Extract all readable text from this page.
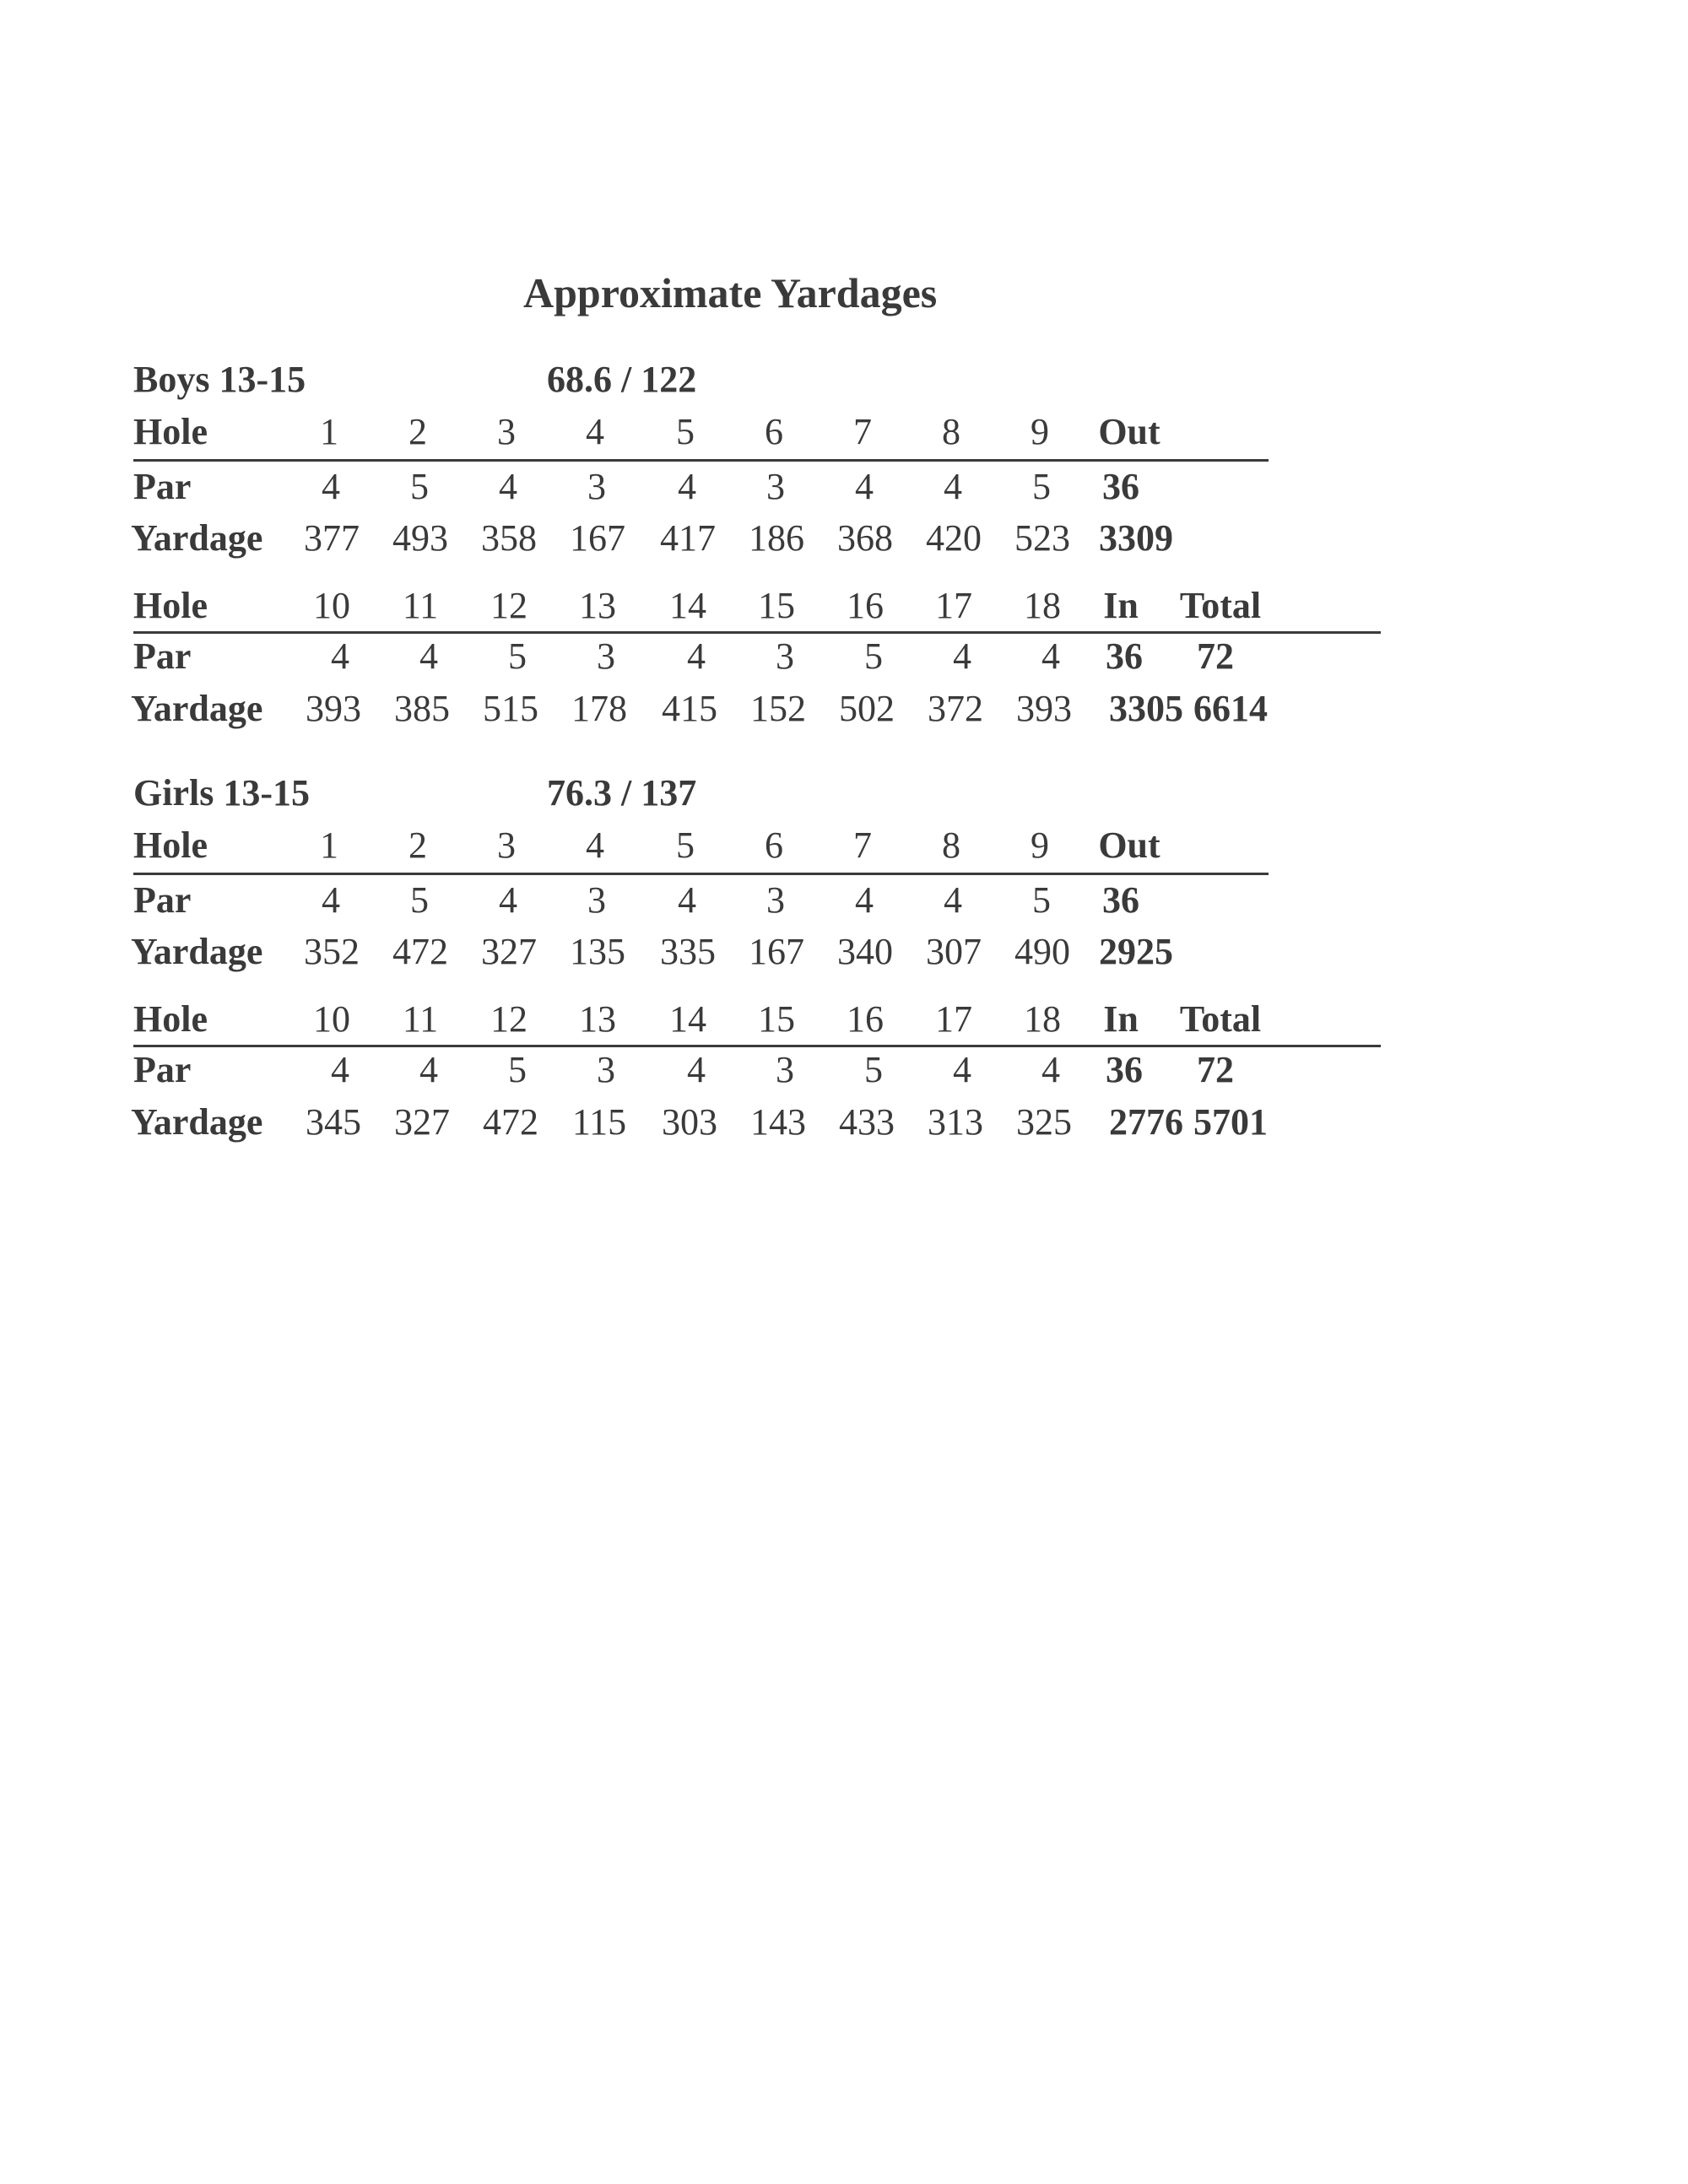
Approximate Yardages
Boys 13-15	68.6 / 122
Hole
Par
Yardage
1
4
377
2
5
493
3
4
358
4
3
167
5
4
417
6
3
186
7
4
368
8
4
420
9
5
523
Out
36
3309
Hole
Par
Yardage
10
4
393
11
4
385
12
5
515
13
3
178
14
4
415
15
3
152
16
5
502
17
4
372
18
4
393
In Total
36 72
3305 6614
Girls 13-15	76.3 / 137
Hole
Par
Yardage
1
4
352
2
5
472
3
4
327
4
3
135
5
4
335
6
3
167
7
4
340
8
4
307
9
5
490
Out
36
2925
Hole
Par
Yardage
10
4
345
11
4
327
12
5
472
13
3
115
14
4
303
15
3
143
16
5
433
17
4
313
18
4
325
In Total
36 72
2776 5701
